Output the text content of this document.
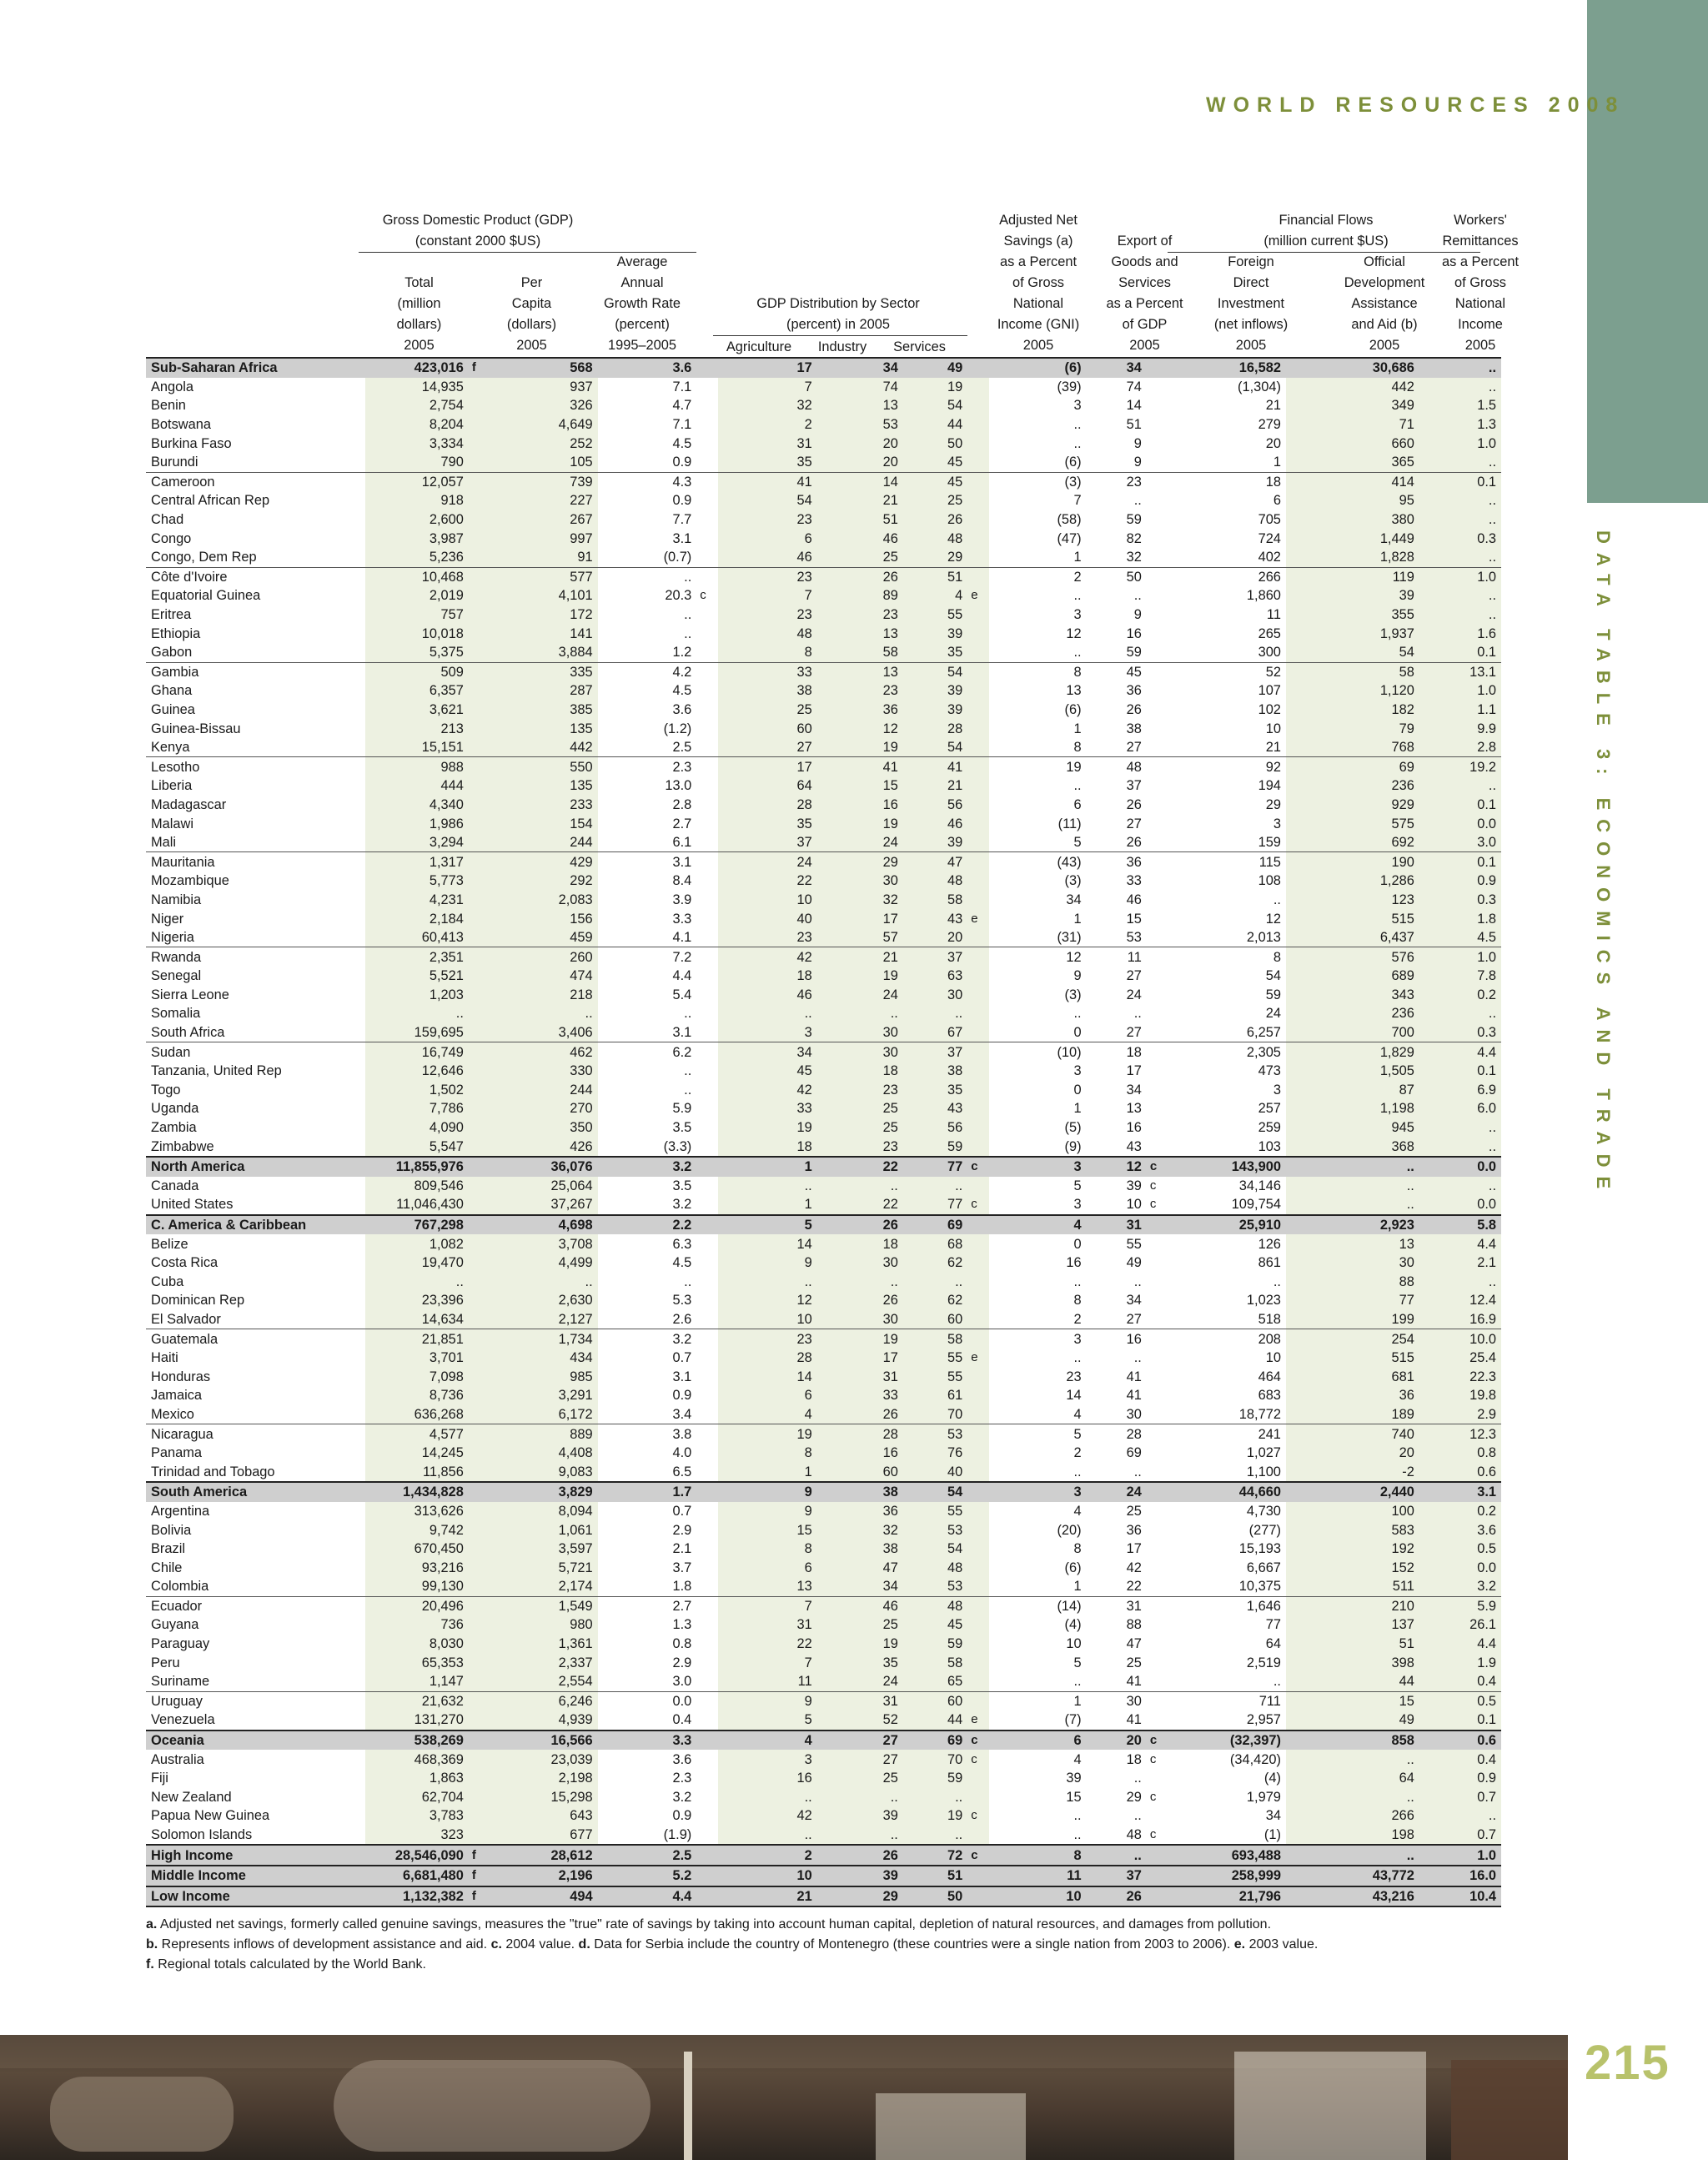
WORLD RESOURCES 2008
DATA TABLE 3: ECONOMICS AND TRADE
Gross Domestic Product (GDP)
(constant 2000 $US)
Total
(million
dollars)
2005
Per
Capita
(dollars)
2005
Average
Annual
Growth Rate
(percent)
1995–2005
GDP Distribution by Sector
(percent) in 2005
Agriculture	Industry	Services
Adjusted Net
Savings (a)
as a Percent
of Gross
National
Income (GNI)
2005
Export of
Goods and
Services
as a Percent
of GDP
2005
Financial Flows
(million current $US)
Foreign
Direct
Investment
(net inflows)
2005
Official
Development
Assistance
and Aid (b)
2005
Workers'
Remittances
as a Percent
of Gross
National
Income
2005
Sub-Saharan Africa	423,016	f	568	3.6		17	34	49		(6)	34		16,582	30,686	..
Angola	14,935		937	7.1		7	74	19		(39)	74		(1,304)	442	..
Benin	2,754		326	4.7		32	13	54		3	14		21	349	1.5
Botswana	8,204		4,649	7.1		2	53	44		..	51		279	71	1.3
Burkina Faso	3,334		252	4.5		31	20	50		..	9		20	660	1.0
Burundi	790		105	0.9		35	20	45		(6)	9		1	365	..
Cameroon	12,057		739	4.3		41	14	45		(3)	23		18	414	0.1
Central African Rep	918		227	0.9		54	21	25		7	..		6	95	..
Chad	2,600		267	7.7		23	51	26		(58)	59		705	380	..
Congo	3,987		997	3.1		6	46	48		(47)	82		724	1,449	0.3
Congo, Dem Rep	5,236		91	(0.7)		46	25	29		1	32		402	1,828	..
Côte d'Ivoire	10,468		577	..		23	26	51		2	50		266	119	1.0
Equatorial Guinea	2,019		4,101	20.3	c	7	89	4	e	..	..		1,860	39	..
Eritrea	757		172	..		23	23	55		3	9		11	355	..
Ethiopia	10,018		141	..		48	13	39		12	16		265	1,937	1.6
Gabon	5,375		3,884	1.2		8	58	35		..	59		300	54	0.1
Gambia	509		335	4.2		33	13	54		8	45		52	58	13.1
Ghana	6,357		287	4.5		38	23	39		13	36		107	1,120	1.0
Guinea	3,621		385	3.6		25	36	39		(6)	26		102	182	1.1
Guinea-Bissau	213		135	(1.2)		60	12	28		1	38		10	79	9.9
Kenya	15,151		442	2.5		27	19	54		8	27		21	768	2.8
Lesotho	988		550	2.3		17	41	41		19	48		92	69	19.2
Liberia	444		135	13.0		64	15	21		..	37		194	236	..
Madagascar	4,340		233	2.8		28	16	56		6	26		29	929	0.1
Malawi	1,986		154	2.7		35	19	46		(11)	27		3	575	0.0
Mali	3,294		244	6.1		37	24	39		5	26		159	692	3.0
Mauritania	1,317		429	3.1		24	29	47		(43)	36		115	190	0.1
Mozambique	5,773		292	8.4		22	30	48		(3)	33		108	1,286	0.9
Namibia	4,231		2,083	3.9		10	32	58		34	46		..	123	0.3
Niger	2,184		156	3.3		40	17	43	e	1	15		12	515	1.8
Nigeria	60,413		459	4.1		23	57	20		(31)	53		2,013	6,437	4.5
Rwanda	2,351		260	7.2		42	21	37		12	11		8	576	1.0
Senegal	5,521		474	4.4		18	19	63		9	27		54	689	7.8
Sierra Leone	1,203		218	5.4		46	24	30		(3)	24		59	343	0.2
Somalia	..		..	..		..	..	..		..	..		24	236	..
South Africa	159,695		3,406	3.1		3	30	67		0	27		6,257	700	0.3
Sudan	16,749		462	6.2		34	30	37		(10)	18		2,305	1,829	4.4
Tanzania, United Rep	12,646		330	..		45	18	38		3	17		473	1,505	0.1
Togo	1,502		244	..		42	23	35		0	34		3	87	6.9
Uganda	7,786		270	5.9		33	25	43		1	13		257	1,198	6.0
Zambia	4,090		350	3.5		19	25	56		(5)	16		259	945	..
Zimbabwe	5,547		426	(3.3)		18	23	59		(9)	43		103	368	..
North America	11,855,976		36,076	3.2		1	22	77	c	3	12	c	143,900	..	0.0
Canada	809,546		25,064	3.5		..	..	..		5	39	c	34,146	..	..
United States	11,046,430		37,267	3.2		1	22	77	c	3	10	c	109,754	..	0.0
C. America & Caribbean	767,298		4,698	2.2		5	26	69		4	31		25,910	2,923	5.8
Belize	1,082		3,708	6.3		14	18	68		0	55		126	13	4.4
Costa Rica	19,470		4,499	4.5		9	30	62		16	49		861	30	2.1
Cuba	..		..	..		..	..	..		..	..		..	88	..
Dominican Rep	23,396		2,630	5.3		12	26	62		8	34		1,023	77	12.4
El Salvador	14,634		2,127	2.6		10	30	60		2	27		518	199	16.9
Guatemala	21,851		1,734	3.2		23	19	58		3	16		208	254	10.0
Haiti	3,701		434	0.7		28	17	55	e	..	..		10	515	25.4
Honduras	7,098		985	3.1		14	31	55		23	41		464	681	22.3
Jamaica	8,736		3,291	0.9		6	33	61		14	41		683	36	19.8
Mexico	636,268		6,172	3.4		4	26	70		4	30		18,772	189	2.9
Nicaragua	4,577		889	3.8		19	28	53		5	28		241	740	12.3
Panama	14,245		4,408	4.0		8	16	76		2	69		1,027	20	0.8
Trinidad and Tobago	11,856		9,083	6.5		1	60	40		..	..		1,100	-2	0.6
South America	1,434,828		3,829	1.7		9	38	54		3	24		44,660	2,440	3.1
Argentina	313,626		8,094	0.7		9	36	55		4	25		4,730	100	0.2
Bolivia	9,742		1,061	2.9		15	32	53		(20)	36		(277)	583	3.6
Brazil	670,450		3,597	2.1		8	38	54		8	17		15,193	192	0.5
Chile	93,216		5,721	3.7		6	47	48		(6)	42		6,667	152	0.0
Colombia	99,130		2,174	1.8		13	34	53		1	22		10,375	511	3.2
Ecuador	20,496		1,549	2.7		7	46	48		(14)	31		1,646	210	5.9
Guyana	736		980	1.3		31	25	45		(4)	88		77	137	26.1
Paraguay	8,030		1,361	0.8		22	19	59		10	47		64	51	4.4
Peru	65,353		2,337	2.9		7	35	58		5	25		2,519	398	1.9
Suriname	1,147		2,554	3.0		11	24	65		..	41		..	44	0.4
Uruguay	21,632		6,246	0.0		9	31	60		1	30		711	15	0.5
Venezuela	131,270		4,939	0.4		5	52	44	e	(7)	41		2,957	49	0.1
Oceania	538,269		16,566	3.3		4	27	69	c	6	20	c	(32,397)	858	0.6
Australia	468,369		23,039	3.6		3	27	70	c	4	18	c	(34,420)	..	0.4
Fiji	1,863		2,198	2.3		16	25	59		39	..		(4)	64	0.9
New Zealand	62,704		15,298	3.2		..	..	..		15	29	c	1,979	..	0.7
Papua New Guinea	3,783		643	0.9		42	39	19	c	..	..		34	266	..
Solomon Islands	323		677	(1.9)		..	..	..		..	48	c	(1)	198	0.7
High Income	28,546,090	f	28,612	2.5		2	26	72	c	8	..		693,488	..	1.0
Middle Income	6,681,480	f	2,196	5.2		10	39	51		11	37		258,999	43,772	16.0
Low Income	1,132,382	f	494	4.4		21	29	50		10	26		21,796	43,216	10.4

a. Adjusted net savings, formerly called genuine savings, measures the "true" rate of savings by taking into account human capital, depletion of natural resources, and damages from pollution.

b. Represents inflows of development assistance and aid. c. 2004 value. d. Data for Serbia include the country of Montenegro (these countries were a single nation from 2003 to 2006). e. 2003 value.

f. Regional totals calculated by the World Bank.

215
